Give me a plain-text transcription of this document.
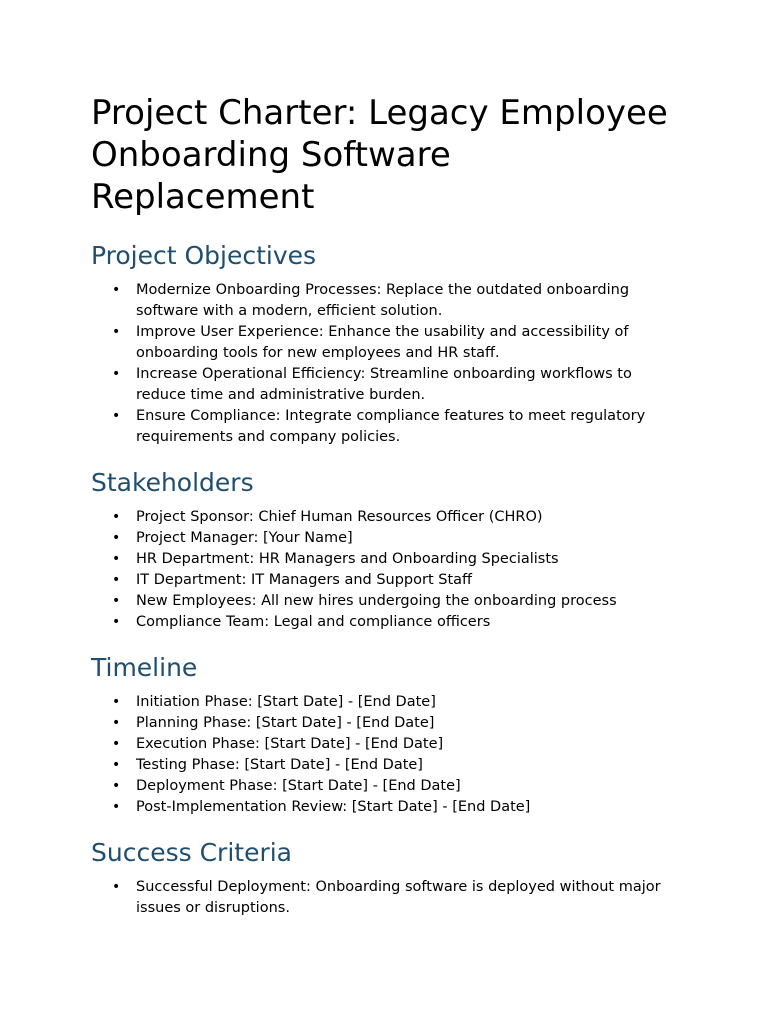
Project Charter: Legacy Employee Onboarding Software Replacement
Project Objectives
• Modernize Onboarding Processes: Replace the outdated onboarding software with a modern, efficient solution.
• Improve User Experience: Enhance the usability and accessibility of onboarding tools for new employees and HR staff.
• Increase Operational Efficiency: Streamline onboarding workflows to reduce time and administrative burden.
• Ensure Compliance: Integrate compliance features to meet regulatory requirements and company policies.
Stakeholders
• Project Sponsor: Chief Human Resources Officer (CHRO)
• Project Manager: [Your Name]
• HR Department: HR Managers and Onboarding Specialists
• IT Department: IT Managers and Support Staff
• New Employees: All new hires undergoing the onboarding process
• Compliance Team: Legal and compliance officers
Timeline
• Initiation Phase: [Start Date] - [End Date]
• Planning Phase: [Start Date] - [End Date]
• Execution Phase: [Start Date] - [End Date]
• Testing Phase: [Start Date] - [End Date]
• Deployment Phase: [Start Date] - [End Date]
• Post-Implementation Review: [Start Date] - [End Date]
Success Criteria
• Successful Deployment: Onboarding software is deployed without major issues or disruptions.
